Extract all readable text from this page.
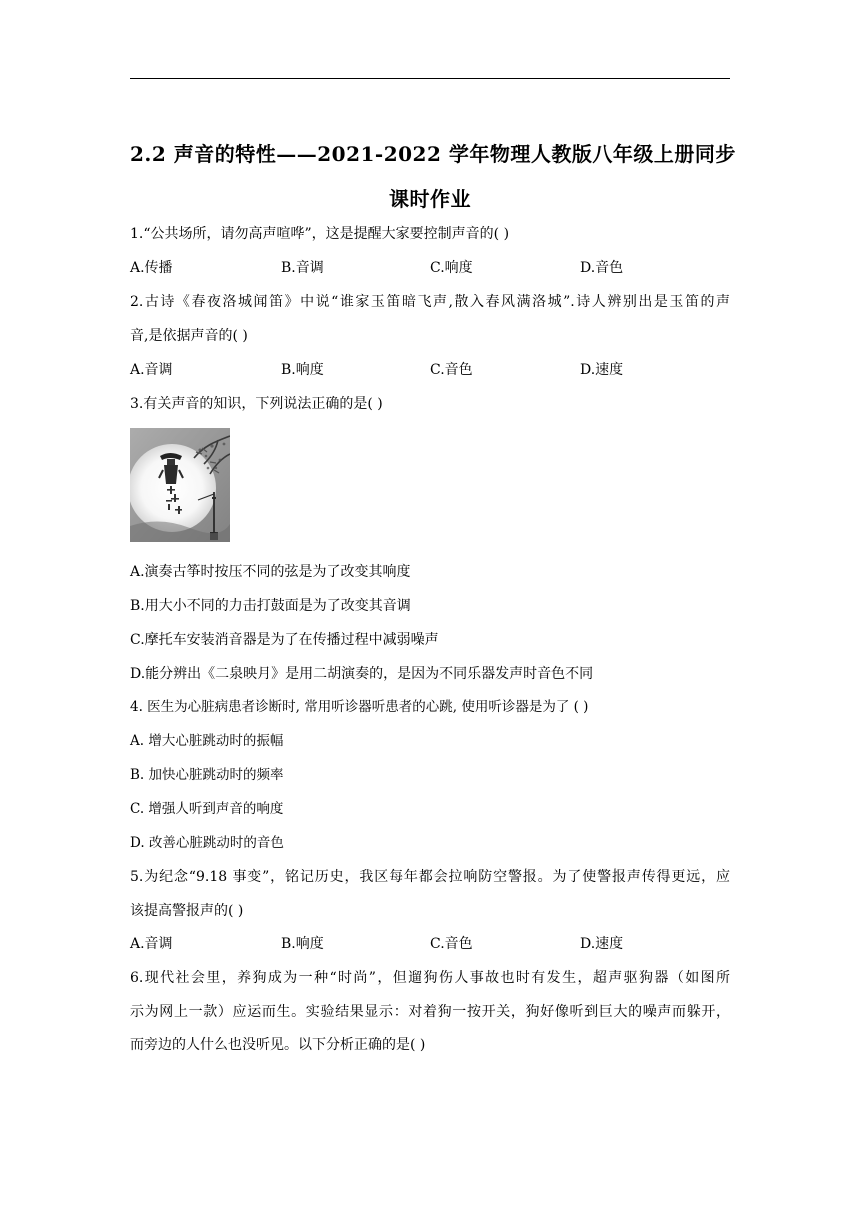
2.2 声音的特性——2021-2022 学年物理人教版八年级上册同步
课时作业
1.“公共场所，请勿高声喧哗”，这是提醒大家要控制声音的( )
A.传播	B.音调	C.响度	D.音色
2.古诗《春夜洛城闻笛》中说“谁家玉笛暗飞声,散入春风满洛城”.诗人辨别出是玉笛的声
音,是依据声音的( )
A.音调	B.响度	C.音色	D.速度
3.有关声音的知识，下列说法正确的是( )
A.演奏古筝时按压不同的弦是为了改变其响度
B.用大小不同的力击打鼓面是为了改变其音调
C.摩托车安装消音器是为了在传播过程中减弱噪声
D.能分辨出《二泉映月》是用二胡演奏的，是因为不同乐器发声时音色不同
4. 医生为心脏病患者诊断时, 常用听诊器听患者的心跳, 使用听诊器是为了 ( )
A. 增大心脏跳动时的振幅
B. 加快心脏跳动时的频率
C. 增强人听到声音的响度
D. 改善心脏跳动时的音色
5.为纪念“9.18 事变”，铭记历史，我区每年都会拉响防空警报。为了使警报声传得更远，应
该提高警报声的( )
A.音调	B.响度	C.音色	D.速度
6.现代社会里，养狗成为一种“时尚”，但遛狗伤人事故也时有发生，超声驱狗器（如图所
示为网上一款）应运而生。实验结果显示：对着狗一按开关，狗好像听到巨大的噪声而躲开，
而旁边的人什么也没听见。以下分析正确的是( )
